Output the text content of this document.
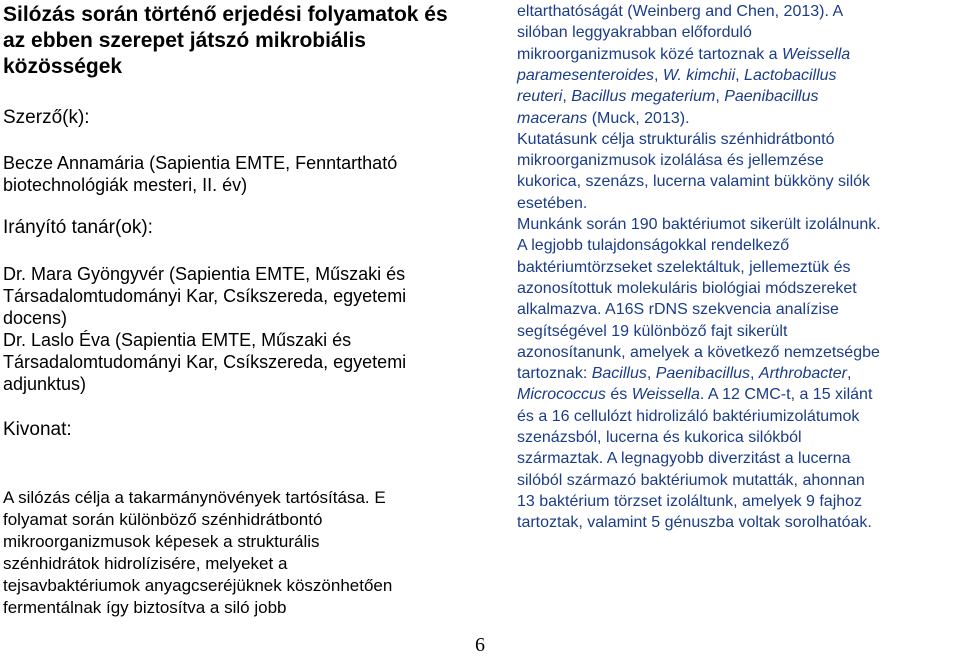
Silózás során történő erjedési folyamatok és az ebben szerepet játszó mikrobiális közösségek
Szerző(k):
Becze Annamária (Sapientia EMTE, Fenntartható
biotechnológiák mesteri, II. év)
Irányító tanár(ok):
Dr. Mara Gyöngyvér (Sapientia EMTE, Műszaki és
Társadalomtudományi Kar, Csíkszereda, egyetemi
docens)
Dr. Laslo Éva (Sapientia EMTE, Műszaki és
Társadalomtudományi Kar, Csíkszereda, egyetemi
adjunktus)
Kivonat:
A silózás célja a takarmánynövények tartósítása. E
folyamat során különböző szénhidrátbontó
mikroorganizmusok képesek a strukturális
szénhidrátok hidrolízisére, melyeket a
tejsavbaktériumok anyagcseréjüknek köszönhetően
fermentálnak így biztosítva a siló jobb
eltarthatóságát (Weinberg and Chen, 2013). A
silóban leggyakrabban előforduló
mikroorganizmusok közé tartoznak a Weissella
paramesenteroides, W. kimchii, Lactobacillus
reuteri, Bacillus megaterium, Paenibacillus
macerans (Muck, 2013).
Kutatásunk célja strukturális szénhidrátbontó
mikroorganizmusok izolálása és jellemzése
kukorica, szenázs, lucerna valamint bükköny silók
esetében.
Munkánk során 190 baktériumot sikerült izolálnunk.
A legjobb tulajdonságokkal rendelkező
baktériumtörzseket szelektáltuk, jellemeztük és
azonosítottuk molekuláris biológiai módszereket
alkalmazva. A16S rDNS szekvencia analízise
segítségével 19 különböző fajt sikerült
azonosítanunk, amelyek a következő nemzetségbe
tartoznak: Bacillus, Paenibacillus, Arthrobacter,
Micrococcus és Weissella. A 12 CMC-t, a 15 xilánt
és a 16 cellulózt hidrolizáló baktériumizolátumok
szenázsból, lucerna és kukorica silókból
származtak. A legnagyobb diverzitást a lucerna
silóból származó baktériumok mutatták, ahonnan
13 baktérium törzset izoláltunk, amelyek 9 fajhoz
tartoztak, valamint 5 génuszba voltak sorolhatóak.
6
